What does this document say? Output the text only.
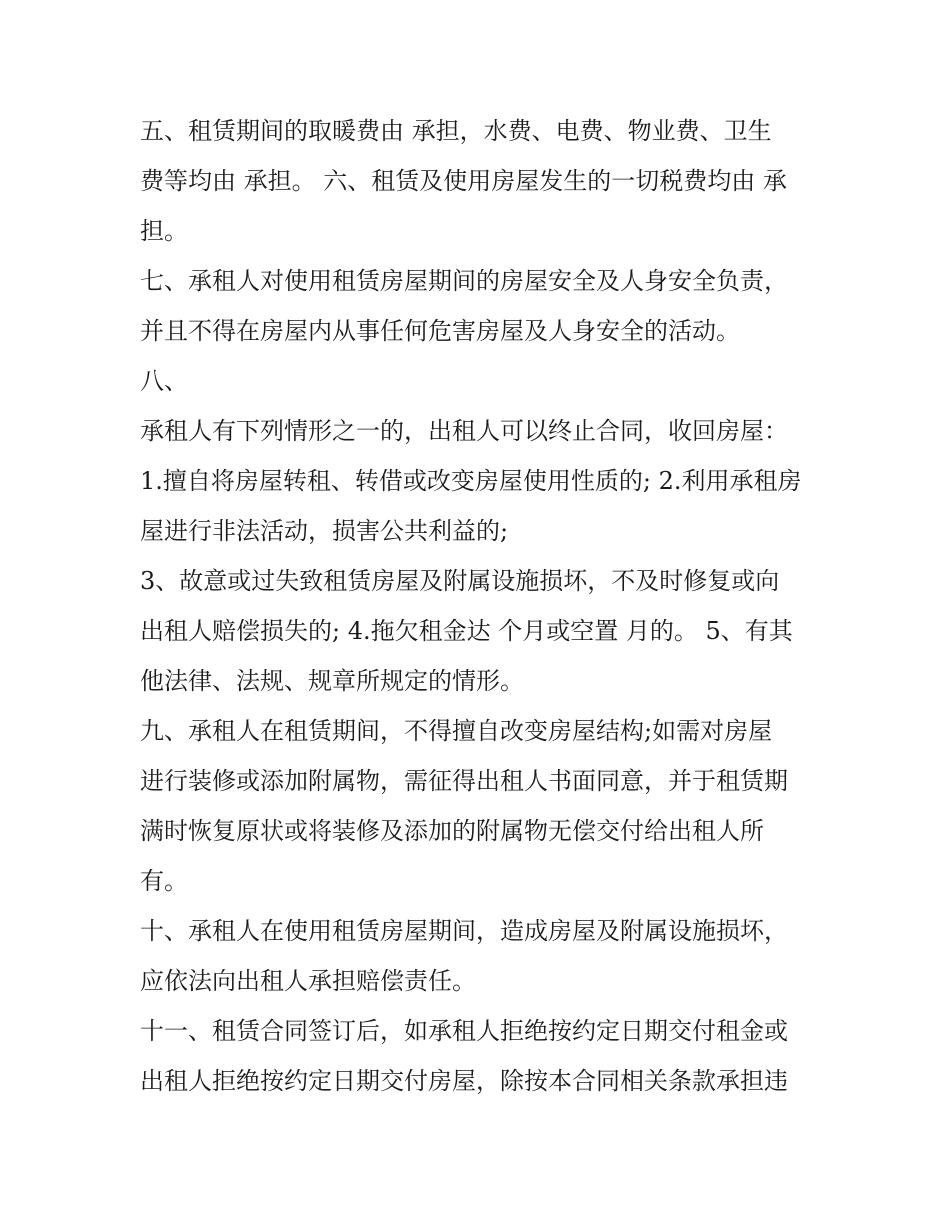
五、租赁期间的取暖费由 承担，水费、电费、物业费、卫生
费等均由 承担。 六、租赁及使用房屋发生的一切税费均由 承
担。
七、承租人对使用租赁房屋期间的房屋安全及人身安全负责，
并且不得在房屋内从事任何危害房屋及人身安全的活动。
八、
承租人有下列情形之一的，出租人可以终止合同，收回房屋：
1.擅自将房屋转租、转借或改变房屋使用性质的; 2.利用承租房
屋进行非法活动，损害公共利益的;
3、故意或过失致租赁房屋及附属设施损坏，不及时修复或向
出租人赔偿损失的; 4.拖欠租金达 个月或空置 月的。 5、有其
他法律、法规、规章所规定的情形。
九、承租人在租赁期间，不得擅自改变房屋结构;如需对房屋
进行装修或添加附属物，需征得出租人书面同意，并于租赁期
满时恢复原状或将装修及添加的附属物无偿交付给出租人所
有。
十、承租人在使用租赁房屋期间，造成房屋及附属设施损坏，
应依法向出租人承担赔偿责任。
十一、租赁合同签订后，如承租人拒绝按约定日期交付租金或
出租人拒绝按约定日期交付房屋，除按本合同相关条款承担违
